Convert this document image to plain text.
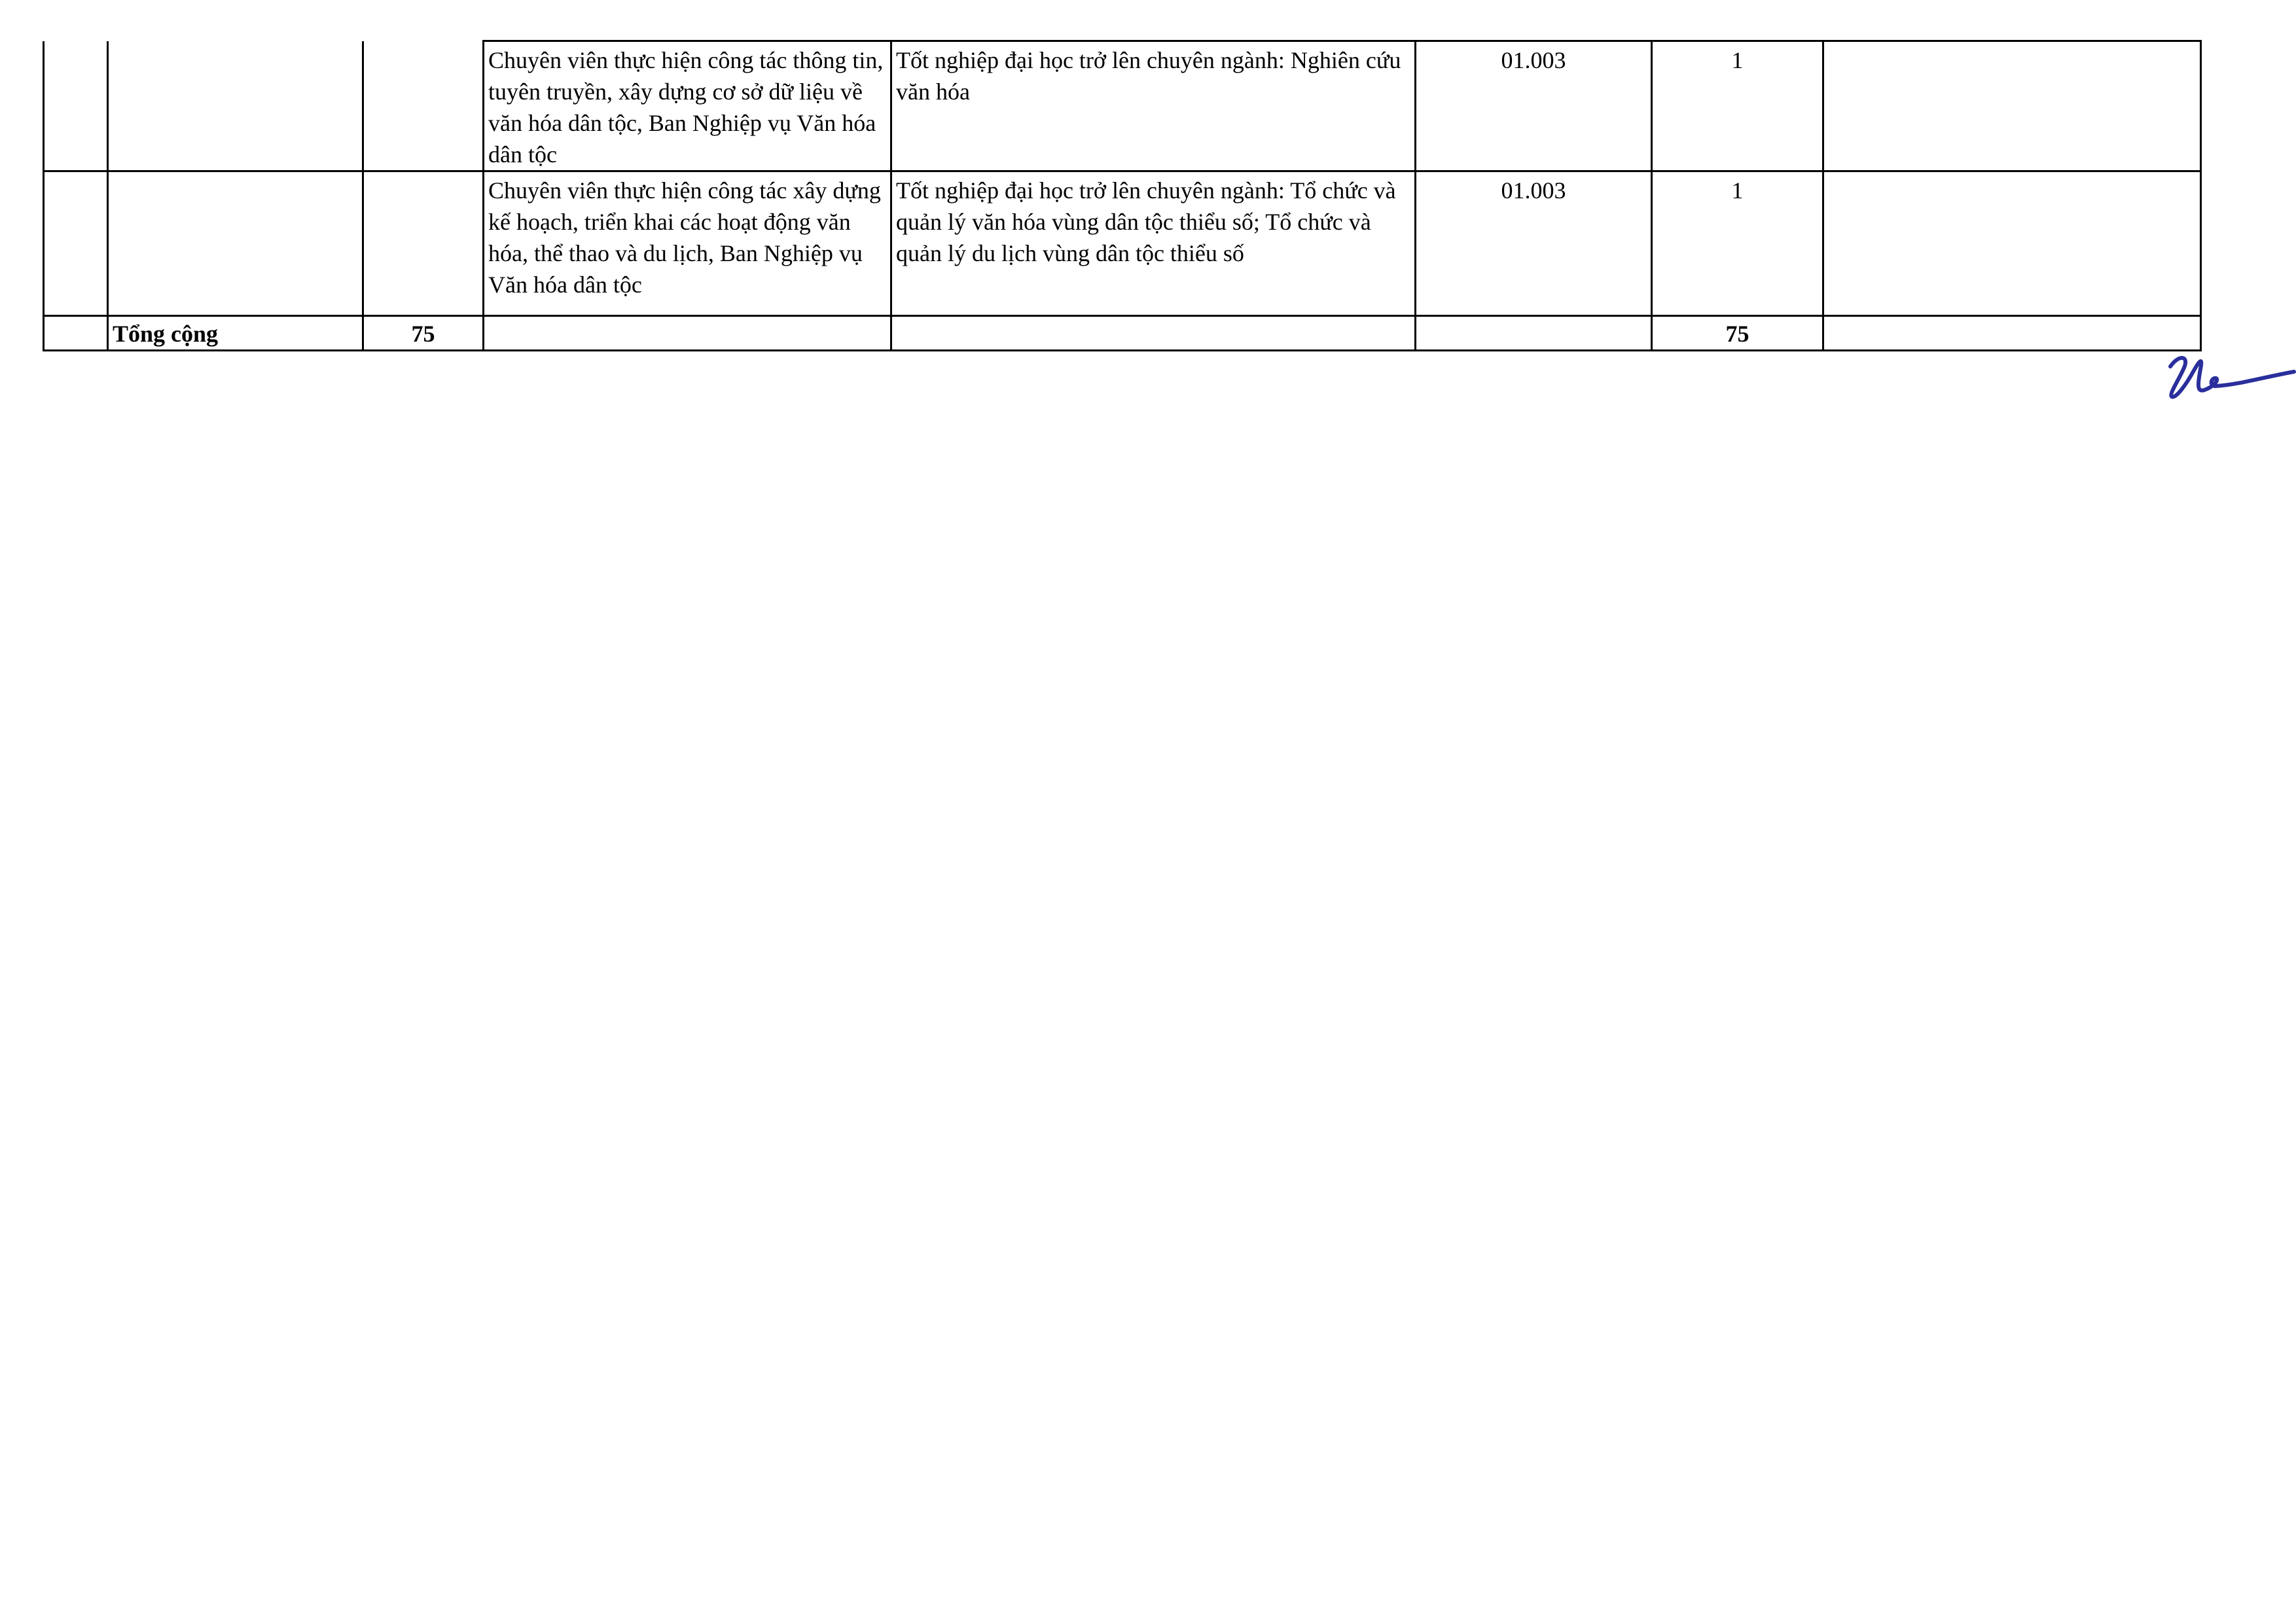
			Chuyên viên thực hiện công tác thông tin, tuyên truyền, xây dựng cơ sở dữ liệu về văn hóa dân tộc, Ban Nghiệp vụ Văn hóa dân tộc	Tốt nghiệp đại học trở lên chuyên ngành: Nghiên cứu văn hóa	01.003	1	
			Chuyên viên thực hiện công tác xây dựng kế hoạch, triển khai các hoạt động văn hóa, thể thao và du lịch, Ban Nghiệp vụ Văn hóa dân tộc	Tốt nghiệp đại học trở lên chuyên ngành: Tổ chức và quản lý văn hóa vùng dân tộc thiểu số; Tổ chức và quản lý du lịch vùng dân tộc thiểu số	01.003	1	
	Tổng cộng	75				75	
